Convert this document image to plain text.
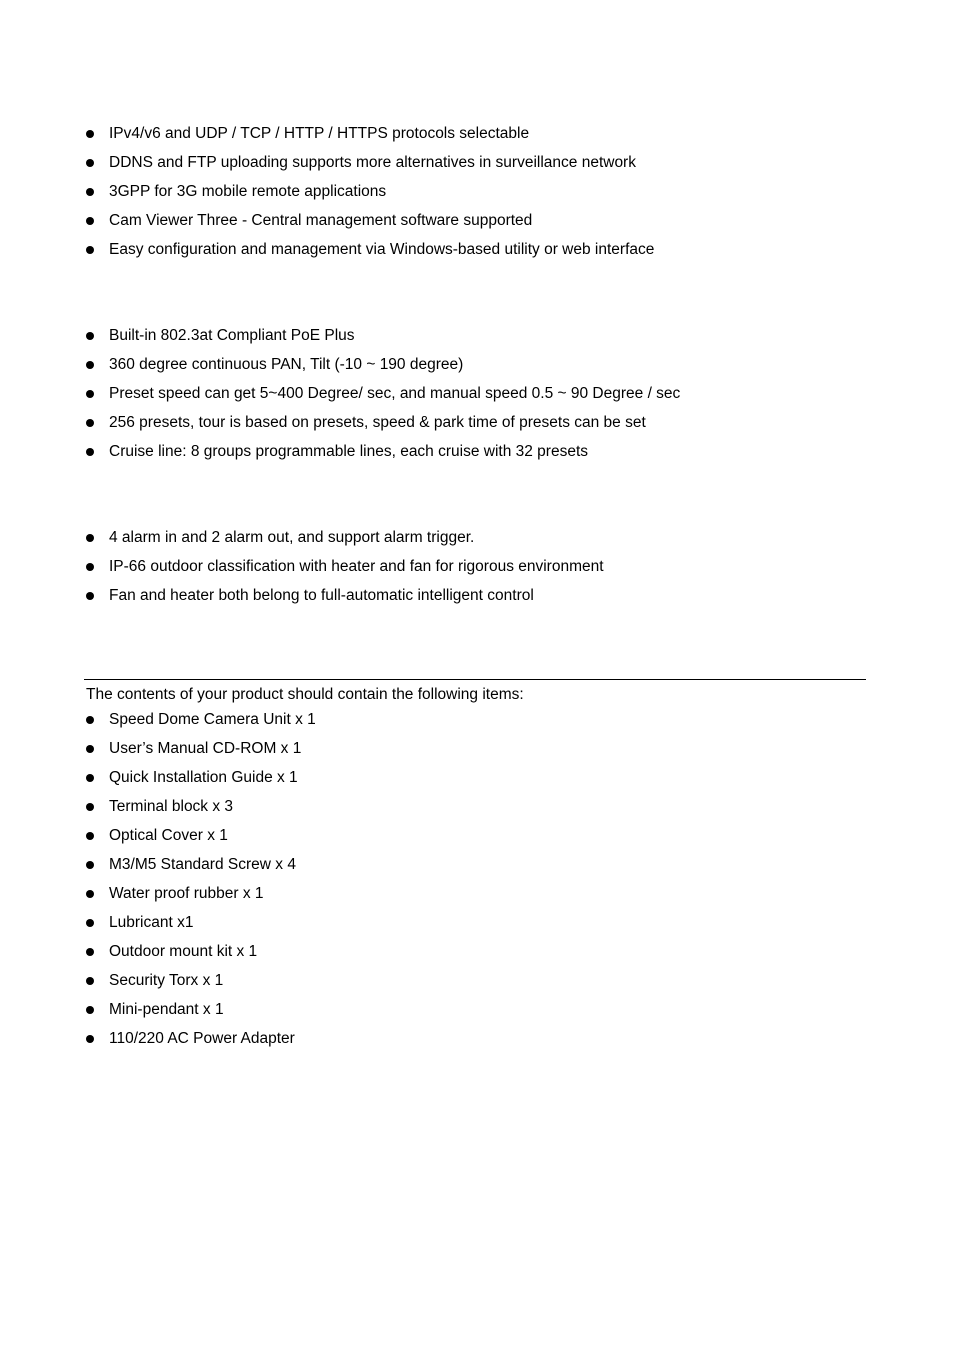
IPv4/v6 and UDP / TCP / HTTP / HTTPS protocols selectable
DDNS and FTP uploading supports more alternatives in surveillance network
3GPP for 3G mobile remote applications
Cam Viewer Three - Central management software supported
Easy configuration and management via Windows-based utility or web interface
Built-in 802.3at Compliant PoE Plus
360 degree continuous PAN, Tilt (-10 ~ 190 degree)
Preset speed can get 5~400 Degree/ sec, and manual speed 0.5 ~ 90 Degree / sec
256 presets, tour is based on presets, speed & park time of presets can be set
Cruise line: 8 groups programmable lines, each cruise with 32 presets
4 alarm in and 2 alarm out, and support alarm trigger.
IP-66 outdoor classification with heater and fan for rigorous environment
Fan and heater both belong to full-automatic intelligent control
The contents of your product should contain the following items:
Speed Dome Camera Unit x 1
User’s Manual CD-ROM x 1
Quick Installation Guide x 1
Terminal block x 3
Optical Cover x 1
M3/M5 Standard Screw x 4
Water proof rubber x 1
Lubricant x1
Outdoor mount kit x 1
Security Torx x 1
Mini-pendant x 1
110/220 AC Power Adapter
